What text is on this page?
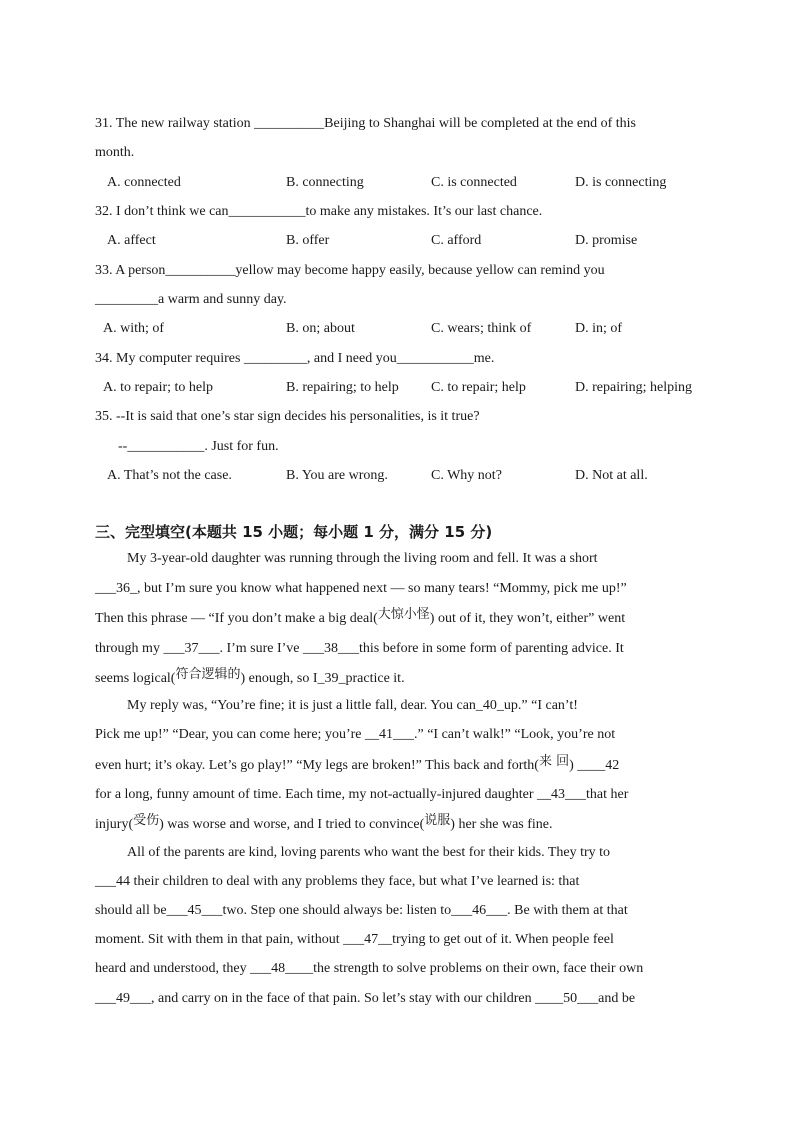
31. The new railway station __________Beijing to Shanghai will be completed at the end of this
month.
A. connected	B. connecting	C. is connected	D. is connecting
32. I don’t think we can___________to make any mistakes. It’s our last chance.
A. affect	B. offer	C. afford	D. promise
33. A person__________yellow may become happy easily, because yellow can remind you
_________a warm and sunny day.
A. with; of	B. on; about	C. wears; think of	D. in; of
34. My computer requires _________, and I need you___________me.
A. to repair; to help	B. repairing; to help C. to repair; help	D. repairing; helping
35. --It is said that one’s star sign decides his personalities, is it true?
--___________. Just for fun.
A. That’s not the case.	B. You are wrong.	C. Why not?	D. Not at all.
三、完型填空(本题共 15 小题；每小题 1 分，满分 15 分)
My 3-year-old daughter was running through the living room and fell. It was a short
___36_, but I’m sure you know what happened next — so many tears! “Mommy, pick me up!”
Then this phrase — “If you don’t make a big deal(大惊小怪) out of it, they won’t, either” went
through my ___37___. I’m sure I’ve ___38___this before in some form of parenting advice. It
seems logical(符合逻辑的) enough, so I_39_practice it.
My reply was, “You’re fine; it is just a little fall, dear. You can_40_up.” “I can’t!
Pick me up!” “Dear, you can come here; you’re __41___.” “I can’t walk!” “Look, you’re not
even hurt; it’s okay. Let’s go play!” “My legs are broken!” This back and forth(来 回) ____42
for a long, funny amount of time. Each time, my not-actually-injured daughter __43___that her
injury(受伤) was worse and worse, and I tried to convince(说服) her she was fine.
All of the parents are kind, loving parents who want the best for their kids. They try to
___44 their children to deal with any problems they face, but what I’ve learned is: that
should all be___45___two. Step one should always be: listen to___46___. Be with them at that
moment. Sit with them in that pain, without ___47__trying to get out of it. When people feel
heard and understood, they ___48____the strength to solve problems on their own, face their own
___49___, and carry on in the face of that pain. So let’s stay with our children ____50___and be
